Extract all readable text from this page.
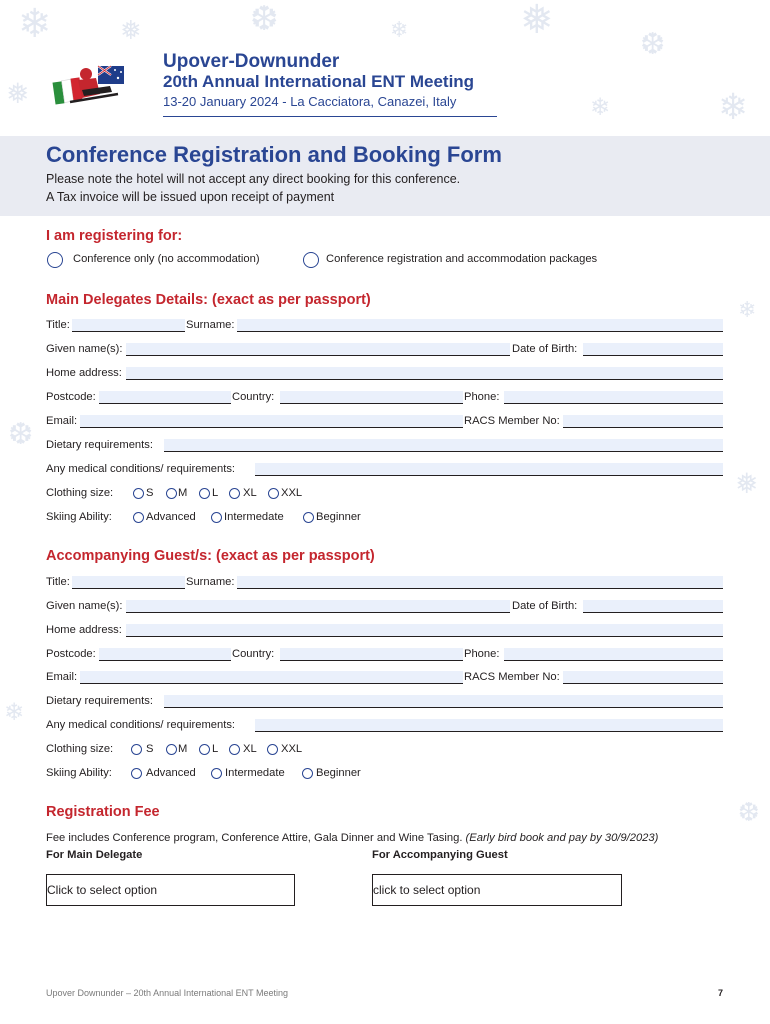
❄	❅	❆	❄	❅
❆
❄
❅	❄
❆
❅
❄
❄
❆
Upover-Downunder
20th Annual International ENT Meeting
13-20 January 2024 - La Cacciatora, Canazei, Italy
Conference Registration and Booking Form
Please note the hotel will not accept any direct booking for this conference.
A Tax invoice will be issued upon receipt of payment
I am registering for:
Conference only (no accommodation)	Conference registration and accommodation packages
Main Delegates Details: (exact as per passport)
Title:	Surname:
Given name(s):	Date of Birth:
Home address:
Postcode:	Country:	Phone:
Email:	RACS Member No:
Dietary requirements:
Any medical conditions/ requirements:
Clothing size:	S M L XL XXL
Skiing Ability:	Advanced	Intermedate	Beginner
Accompanying Guest/s: (exact as per passport)
Title:	Surname:
Given name(s):	Date of Birth:
Home address:
Postcode:	Country:	Phone:
Email:	RACS Member No:
Dietary requirements:
Any medical conditions/ requirements:
Clothing size:	S M L XL XXL
Skiing Ability:	Advanced	Intermedate	Beginner
Registration Fee
Fee includes Conference program, Conference Attire, Gala Dinner and Wine Tasing. (Early bird book and pay by 30/9/2023)
For Main Delegate	For Accompanying Guest
Click to select option	click to select option
Upover Downunder – 20th Annual International ENT Meeting	7
